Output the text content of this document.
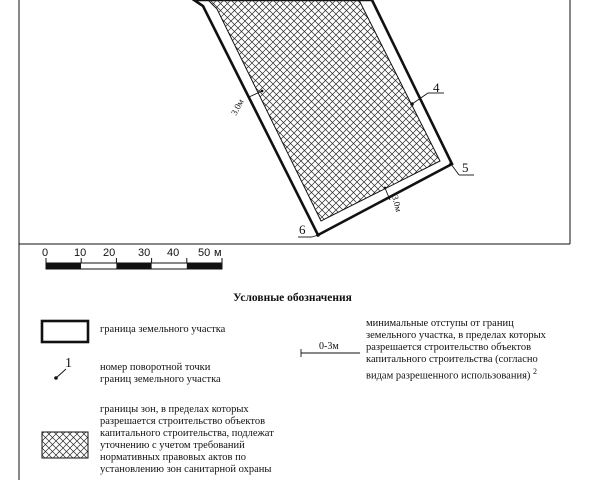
3.0м
3.0м
4
5
6
0 10 20 30 40 50 м
1
0-3м
Условные обозначения
граница земельного участка
номер поворотной точки
границ земельного участка
границы зон, в пределах которых
разрешается строительство объектов
капитального строительства, подлежат
уточнению с учетом требований
нормативных правовых актов по
установлению зон санитарной охраны
минимальные отступы от границ
земельного участка, в пределах которых
разрешается строительство объектов
капитального строительства (согласно
видам разрешенного использования) $^2$
